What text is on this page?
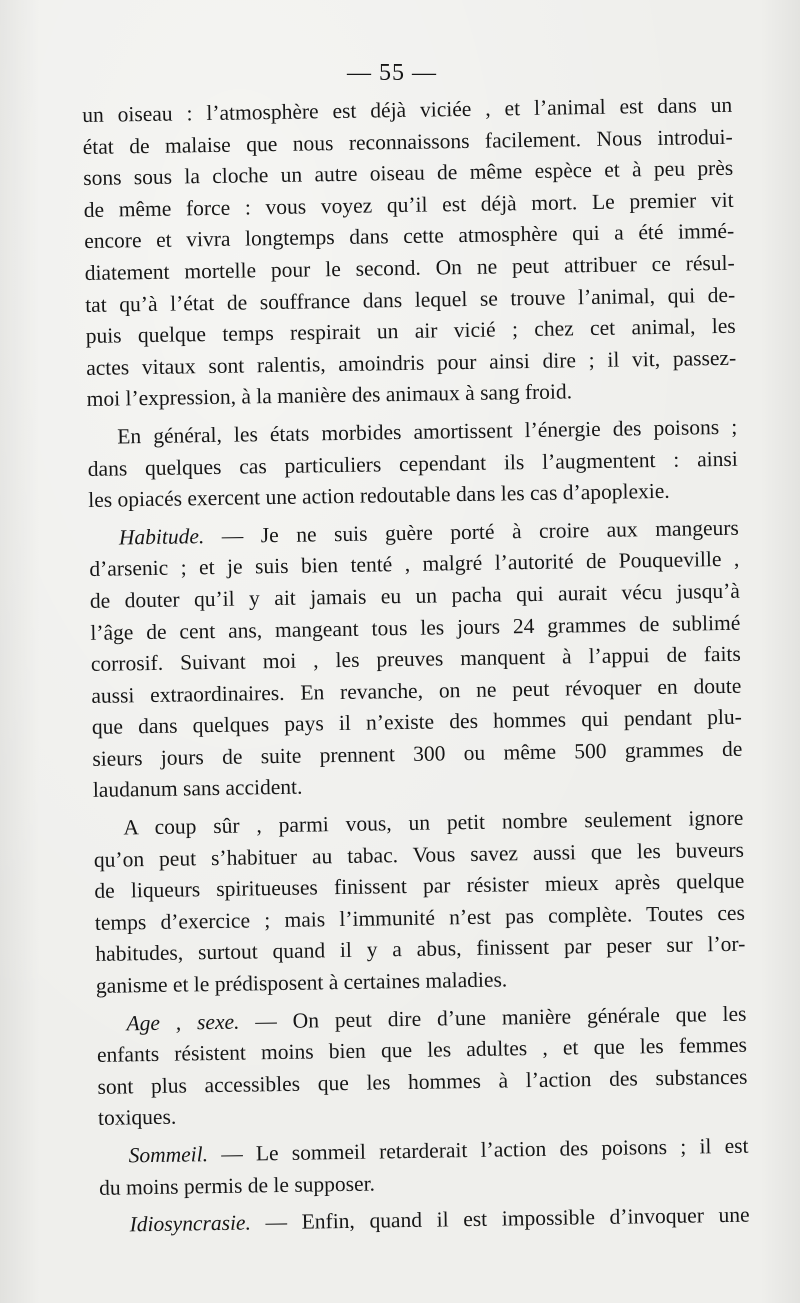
— 55 —

un oiseau : l’atmosphère est déjà viciée , et l’animal est dans un
état de malaise que nous reconnaissons facilement. Nous introdui-
sons sous la cloche un autre oiseau de même espèce et à peu près
de même force : vous voyez qu’il est déjà mort. Le premier vit
encore et vivra longtemps dans cette atmosphère qui a été immé-
diatement mortelle pour le second. On ne peut attribuer ce résul-
tat qu’à l’état de souffrance dans lequel se trouve l’animal, qui de-
puis quelque temps respirait un air vicié ; chez cet animal, les
actes vitaux sont ralentis, amoindris pour ainsi dire ; il vit, passez-
moi l’expression, à la manière des animaux à sang froid.

En général, les états morbides amortissent l’énergie des poisons ;
dans quelques cas particuliers cependant ils l’augmentent : ainsi
les opiacés exercent une action redoutable dans les cas d’apoplexie.

Habitude. — Je ne suis guère porté à croire aux mangeurs
d’arsenic ; et je suis bien tenté , malgré l’autorité de Pouqueville ,
de douter qu’il y ait jamais eu un pacha qui aurait vécu jusqu’à
l’âge de cent ans, mangeant tous les jours 24 grammes de sublimé
corrosif. Suivant moi , les preuves manquent à l’appui de faits
aussi extraordinaires. En revanche, on ne peut révoquer en doute
que dans quelques pays il n’existe des hommes qui pendant plu-
sieurs jours de suite prennent 300 ou même 500 grammes de
laudanum sans accident.

A coup sûr , parmi vous, un petit nombre seulement ignore
qu’on peut s’habituer au tabac. Vous savez aussi que les buveurs
de liqueurs spiritueuses finissent par résister mieux après quelque
temps d’exercice ; mais l’immunité n’est pas complète. Toutes ces
habitudes, surtout quand il y a abus, finissent par peser sur l’or-
ganisme et le prédisposent à certaines maladies.

Age , sexe. — On peut dire d’une manière générale que les
enfants résistent moins bien que les adultes , et que les femmes
sont plus accessibles que les hommes à l’action des substances
toxiques.

Sommeil. — Le sommeil retarderait l’action des poisons ; il est
du moins permis de le supposer.

Idiosyncrasie. — Enfin, quand il est impossible d’invoquer une
